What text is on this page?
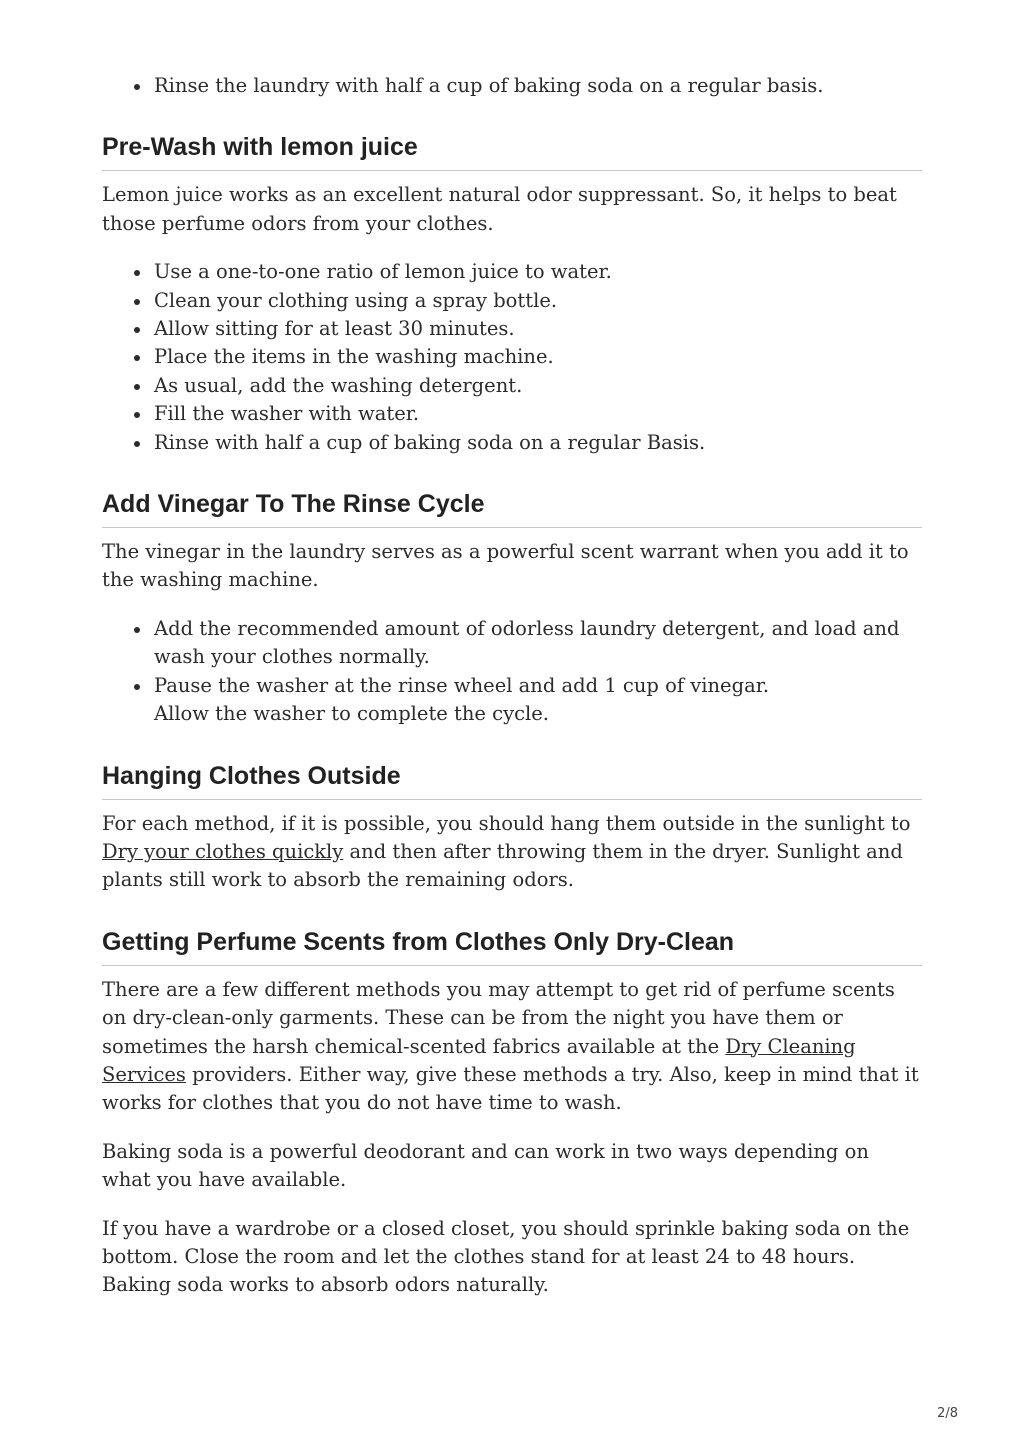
Rinse the laundry with half a cup of baking soda on a regular basis.
Pre-Wash with lemon juice

Lemon juice works as an excellent natural odor suppressant. So, it helps to beat those perfume odors from your clothes.

Use a one-to-one ratio of lemon juice to water.
Clean your clothing using a spray bottle.
Allow sitting for at least 30 minutes.
Place the items in the washing machine.
As usual, add the washing detergent.
Fill the washer with water.
Rinse with half a cup of baking soda on a regular Basis.
Add Vinegar To The Rinse Cycle

The vinegar in the laundry serves as a powerful scent warrant when you add it to the washing machine.

Add the recommended amount of odorless laundry detergent, and load and wash your clothes normally.
Pause the washer at the rinse wheel and add 1 cup of vinegar.
Allow the washer to complete the cycle.
Hanging Clothes Outside

For each method, if it is possible, you should hang them outside in the sunlight to Dry your clothes quickly and then after throwing them in the dryer. Sunlight and plants still work to absorb the remaining odors.

Getting Perfume Scents from Clothes Only Dry-Clean

There are a few different methods you may attempt to get rid of perfume scents on dry-clean-only garments. These can be from the night you have them or sometimes the harsh chemical-scented fabrics available at the Dry Cleaning Services providers. Either way, give these methods a try. Also, keep in mind that it works for clothes that you do not have time to wash.

Baking soda is a powerful deodorant and can work in two ways depending on what you have available.

If you have a wardrobe or a closed closet, you should sprinkle baking soda on the bottom. Close the room and let the clothes stand for at least 24 to 48 hours. Baking soda works to absorb odors naturally.

2/8
